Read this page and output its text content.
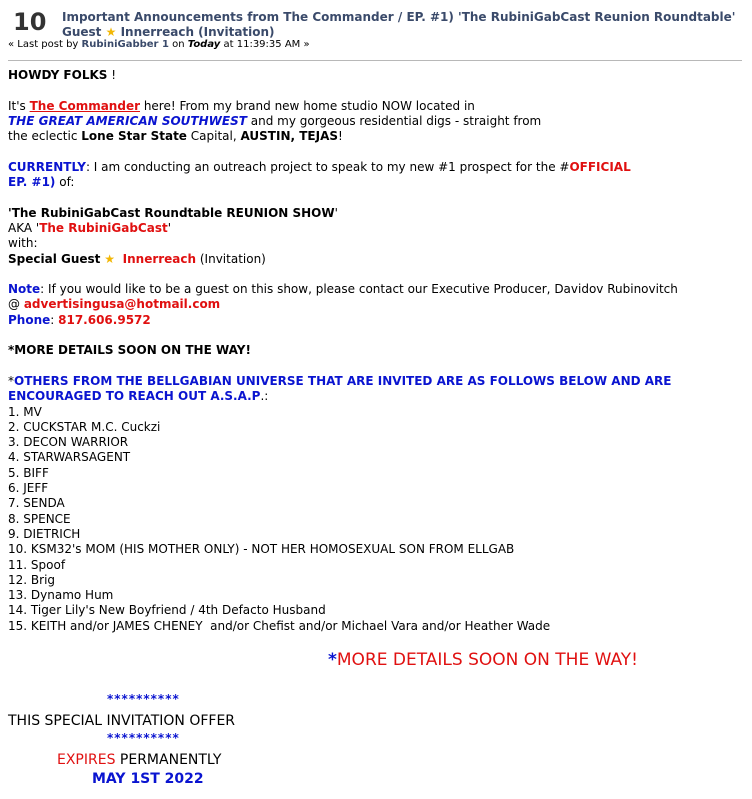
10 Important Announcements from The Commander / EP. #1) 'The RubiniGabCast Reunion Roundtable'
Guest ★ Innerreach (Invitation)
« Last post by RubiniGabber 1 on Today at 11:39:35 AM »

HOWDY FOLKS !

It's The Commander here! From my brand new home studio NOW located in
THE GREAT AMERICAN SOUTHWEST and my gorgeous residential digs - straight from
the eclectic Lone Star State Capital, AUSTIN, TEJAS!

CURRENTLY: I am conducting an outreach project to speak to my new #1 prospect for the #OFFICIAL
EP. #1) of:

'The RubiniGabCast Roundtable REUNION SHOW'
AKA 'The RubiniGabCast'
with:
Special Guest ★ Innerreach (Invitation)

Note: If you would like to be a guest on this show, please contact our Executive Producer, Davidov Rubinovitch
@ advertisingusa@hotmail.com
Phone: 817.606.9572

*MORE DETAILS SOON ON THE WAY!

*OTHERS FROM THE BELLGABIAN UNIVERSE THAT ARE INVITED ARE AS FOLLOWS BELOW AND ARE ENCOURAGED TO REACH OUT A.S.A.P.:

1. MV
2. CUCKSTAR M.C. Cuckzi
3. DECON WARRIOR
4. STARWARSAGENT
5. BIFF
6. JEFF
7. SENDA
8. SPENCE
9. DIETRICH
10. KSM32's MOM (HIS MOTHER ONLY) - NOT HER HOMOSEXUAL SON FROM ELLGAB
11. Spoof
12. Brig
13. Dynamo Hum
14. Tiger Lily's New Boyfriend / 4th Defacto Husband
15. KEITH and/or JAMES CHENEY  and/or Chefist and/or Michael Vara and/or Heather Wade
*MORE DETAILS SOON ON THE WAY!
**********
THIS SPECIAL INVITATION OFFER
**********
EXPIRES PERMANENTLY
MAY 1ST 2022
